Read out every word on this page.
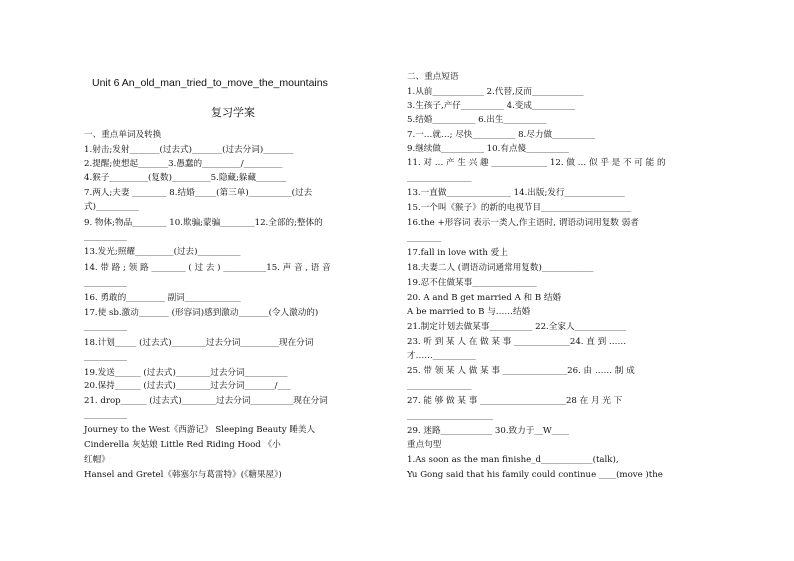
Unit 6 An_old_man_tried_to_move_the_mountains
复习学案
一、重点单词及转换
1.射击;发射_______(过去式)_______(过去分词)_______
2.提醒;使想起_______3.愚蠢的_________/_________
4.猴子_________(复数)_________5.隐藏;躲藏_______
7.两人;夫妻 ________ 8.结婚_____(第三单)__________(过去
式)__________
9. 物体;物品________ 10.欺骗;蒙骗________12.全部的;整体的
__________
13.发光;照耀_________(过去)__________
14. 带 路 ; 领 路 ________ ( 过 去 ) __________15. 声 音 , 语 音
__________
16. 勇敢的_________ 副词_____________
17.使 sb.激动_______ (形容词)感到激动_______(令人激动的)
__________
18.计划_____ (过去式)________过去分词_________现在分词
__________
19.发送______ (过去式)________过去分词__________
20.保持______ (过去式)________过去分词_______/___
21. drop______ (过去式)________过去分词__________现在分词
__________
Journey to the West《西游记》 Sleeping Beauty 睡美人
Cinderella 灰姑娘 Little Red Riding Hood 《小
红帽》
Hansel and Gretel《韩塞尔与葛雷特》(《糖果屋》)
二、重点短语
1.从前____________ 2.代替,反而____________
3.生孩子,产仔__________ 4.变成__________
5.结婚__________ 6.出生__________
7.一…就…; 尽快__________ 8.尽力做__________
9.继续做__________ 10.有点傻__________
11. 对 … 产 生 兴 趣 _____________ 12. 做 … 似 乎 是 不 可 能 的
_______________
13.一直做_______________ 14.出版;发行______________
15.一个叫《猴子》的新的电视节目_____________________
16.the +形容词 表示一类人,作主语时, 谓语动词用复数 弱者
________
17.fall in love with 爱上
18.夫妻二人 (谓语动词通常用复数)____________
19.忍不住做某事_______________
20. A and B get married A 和 B 结婚
A be married to B 与……结婚
21.制定计划去做某事__________ 22.全家人____________
23. 听 到 某 人 在 做 某 事 _____________24. 直 到 ……
才……__________
25. 带 领 某 人 做 某 事 _______________26. 由 …… 制 成
_______________
27. 能 够 做 某 事 ____________________28 在 月 光 下
____________________
29. 迷路____________ 30.致力于__W____
重点句型
1.As soon as the man finishe_d____________(talk),
Yu Gong said that his family could continue ____(move )the
